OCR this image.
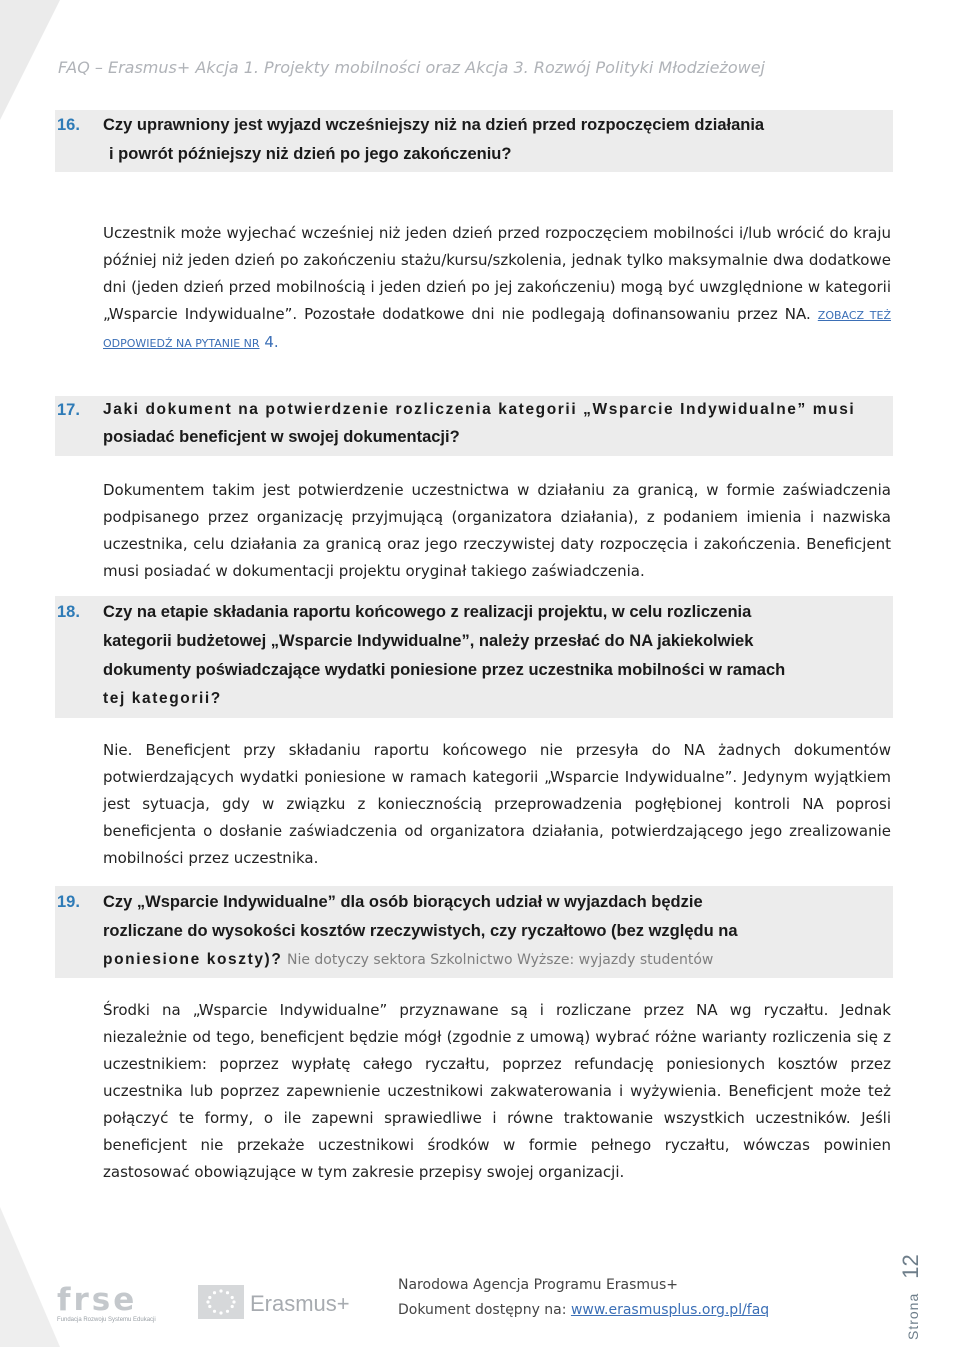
FAQ – Erasmus+ Akcja 1. Projekty mobilności oraz Akcja 3. Rozwój Polityki Młodzieżowej
16. Czy uprawniony jest wyjazd wcześniejszy niż na dzień przed rozpoczęciem działania
i powrót późniejszy niż dzień po jego zakończeniu?
Uczestnik może wyjechać wcześniej niż jeden dzień przed rozpoczęciem mobilności i/lub wrócić do kraju później niż jeden dzień po zakończeniu stażu/kursu/szkolenia, jednak tylko maksymalnie dwa dodatkowe dni (jeden dzień przed mobilnością i jeden dzień po jej zakończeniu) mogą być uwzględnione w kategorii „Wsparcie Indywidualne”. Pozostałe dodatkowe dni nie podlegają dofinansowaniu przez NA. ZOBACZ TEŻ ODPOWIEDŹ NA PYTANIE NR 4.
17. Jaki dokument na potwierdzenie rozliczenia kategorii „Wsparcie Indywidualne” musi
posiadać beneficjent w swojej dokumentacji?
Dokumentem takim jest potwierdzenie uczestnictwa w działaniu za granicą, w formie zaświadczenia podpisanego przez organizację przyjmującą (organizatora działania), z podaniem imienia i nazwiska uczestnika, celu działania za granicą oraz jego rzeczywistej daty rozpoczęcia i zakończenia. Beneficjent musi posiadać w dokumentacji projektu oryginał takiego zaświadczenia.
18. Czy na etapie składania raportu końcowego z realizacji projektu, w celu rozliczenia
kategorii budżetowej „Wsparcie Indywidualne”, należy przesłać do NA jakiekolwiek
dokumenty poświadczające wydatki poniesione przez uczestnika mobilności w ramach
tej kategorii?
Nie. Beneficjent przy składaniu raportu końcowego nie przesyła do NA żadnych dokumentów potwierdzających wydatki poniesione w ramach kategorii „Wsparcie Indywidualne”. Jedynym wyjątkiem jest sytuacja, gdy w związku z koniecznością przeprowadzenia pogłębionej kontroli NA poprosi beneficjenta o dosłanie zaświadczenia od organizatora działania, potwierdzającego jego zrealizowanie mobilności przez uczestnika.
19. Czy „Wsparcie Indywidualne” dla osób biorących udział w wyjazdach będzie
rozliczane do wysokości kosztów rzeczywistych, czy ryczałtowo (bez względu na
poniesione koszty)? Nie dotyczy sektora Szkolnictwo Wyższe: wyjazdy studentów
Środki na „Wsparcie Indywidualne” przyznawane są i rozliczane przez NA wg ryczałtu. Jednak niezależnie od tego, beneficjent będzie mógł (zgodnie z umową) wybrać różne warianty rozliczenia się z uczestnikiem: poprzez wypłatę całego ryczałtu, poprzez refundację poniesionych kosztów przez uczestnika lub poprzez zapewnienie uczestnikowi zakwaterowania i wyżywienia. Beneficjent może też połączyć te formy, o ile zapewni sprawiedliwe i równe traktowanie wszystkich uczestników. Jeśli beneficjent nie przekaże uczestnikowi środków w formie pełnego ryczałtu, wówczas powinien zastosować obowiązujące w tym zakresie przepisy swojej organizacji.
frse
Fundacja Rozwoju Systemu Edukacji
Erasmus+
Narodowa Agencja Programu Erasmus+
Dokument dostępny na: www.erasmusplus.org.pl/faq	Strona12
